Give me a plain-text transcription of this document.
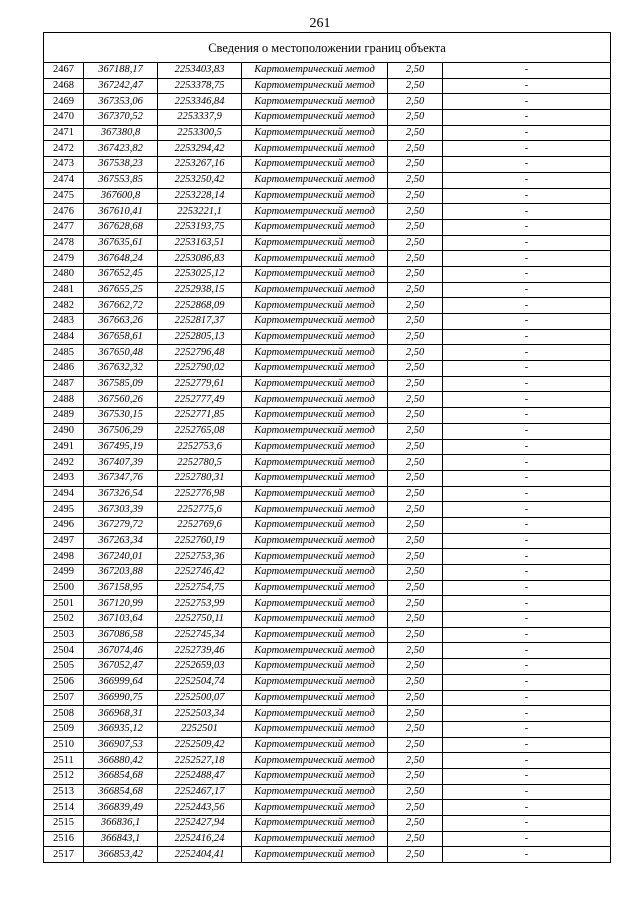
261
Сведения о местоположении границ объекта					
2467	367188,17	2253403,83	Картометрический метод	2,50	-
2468	367242,47	2253378,75	Картометрический метод	2,50	-
2469	367353,06	2253346,84	Картометрический метод	2,50	-
2470	367370,52	2253337,9	Картометрический метод	2,50	-
2471	367380,8	2253300,5	Картометрический метод	2,50	-
2472	367423,82	2253294,42	Картометрический метод	2,50	-
2473	367538,23	2253267,16	Картометрический метод	2,50	-
2474	367553,85	2253250,42	Картометрический метод	2,50	-
2475	367600,8	2253228,14	Картометрический метод	2,50	-
2476	367610,41	2253221,1	Картометрический метод	2,50	-
2477	367628,68	2253193,75	Картометрический метод	2,50	-
2478	367635,61	2253163,51	Картометрический метод	2,50	-
2479	367648,24	2253086,83	Картометрический метод	2,50	-
2480	367652,45	2253025,12	Картометрический метод	2,50	-
2481	367655,25	2252938,15	Картометрический метод	2,50	-
2482	367662,72	2252868,09	Картометрический метод	2,50	-
2483	367663,26	2252817,37	Картометрический метод	2,50	-
2484	367658,61	2252805,13	Картометрический метод	2,50	-
2485	367650,48	2252796,48	Картометрический метод	2,50	-
2486	367632,32	2252790,02	Картометрический метод	2,50	-
2487	367585,09	2252779,61	Картометрический метод	2,50	-
2488	367560,26	2252777,49	Картометрический метод	2,50	-
2489	367530,15	2252771,85	Картометрический метод	2,50	-
2490	367506,29	2252765,08	Картометрический метод	2,50	-
2491	367495,19	2252753,6	Картометрический метод	2,50	-
2492	367407,39	2252780,5	Картометрический метод	2,50	-
2493	367347,76	2252780,31	Картометрический метод	2,50	-
2494	367326,54	2252776,98	Картометрический метод	2,50	-
2495	367303,39	2252775,6	Картометрический метод	2,50	-
2496	367279,72	2252769,6	Картометрический метод	2,50	-
2497	367263,34	2252760,19	Картометрический метод	2,50	-
2498	367240,01	2252753,36	Картометрический метод	2,50	-
2499	367203,88	2252746,42	Картометрический метод	2,50	-
2500	367158,95	2252754,75	Картометрический метод	2,50	-
2501	367120,99	2252753,99	Картометрический метод	2,50	-
2502	367103,64	2252750,11	Картометрический метод	2,50	-
2503	367086,58	2252745,34	Картометрический метод	2,50	-
2504	367074,46	2252739,46	Картометрический метод	2,50	-
2505	367052,47	2252659,03	Картометрический метод	2,50	-
2506	366999,64	2252504,74	Картометрический метод	2,50	-
2507	366990,75	2252500,07	Картометрический метод	2,50	-
2508	366968,31	2252503,34	Картометрический метод	2,50	-
2509	366935,12	2252501	Картометрический метод	2,50	-
2510	366907,53	2252509,42	Картометрический метод	2,50	-
2511	366880,42	2252527,18	Картометрический метод	2,50	-
2512	366854,68	2252488,47	Картометрический метод	2,50	-
2513	366854,68	2252467,17	Картометрический метод	2,50	-
2514	366839,49	2252443,56	Картометрический метод	2,50	-
2515	366836,1	2252427,94	Картометрический метод	2,50	-
2516	366843,1	2252416,24	Картометрический метод	2,50	-
2517	366853,42	2252404,41	Картометрический метод	2,50	-
